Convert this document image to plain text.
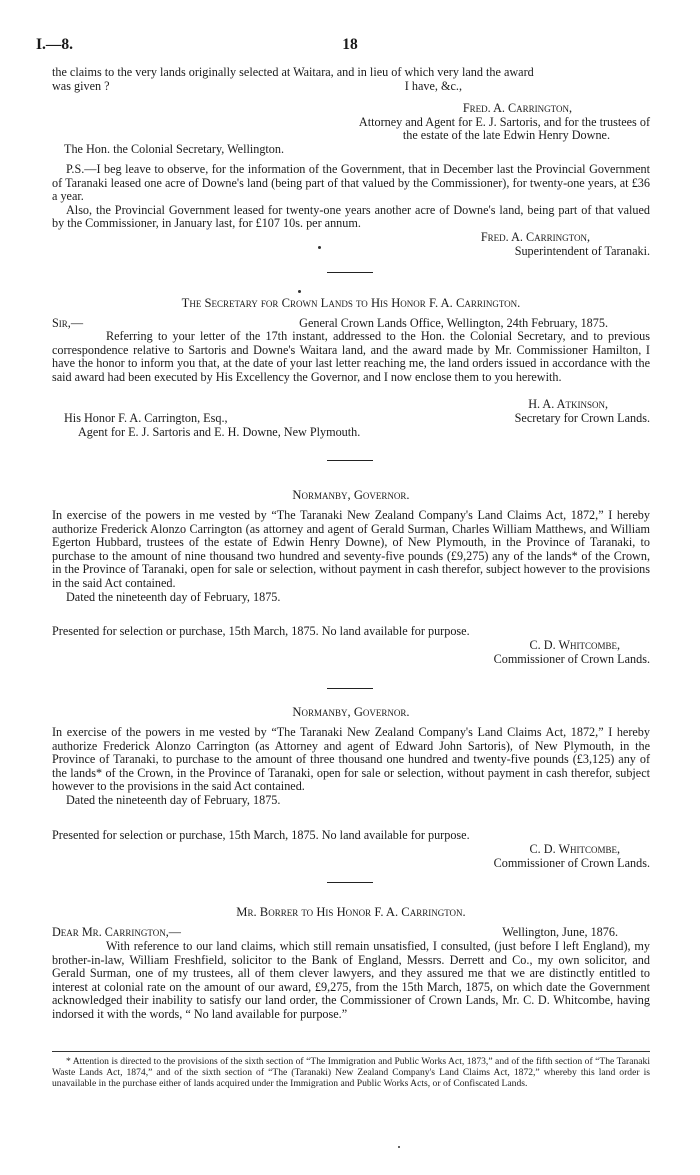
I.—8.	18

the claims to the very lands originally selected at Waitara, and in lieu of which very land the award

was given ?	I have, &c.,
Fred. A. Carrington,
Attorney and Agent for E. J. Sartoris, and for the trustees of
the estate of the late Edwin Henry Downe.
The Hon. the Colonial Secretary, Wellington.

P.S.—I beg leave to observe, for the information of the Government, that in December last the Provincial Government of Taranaki leased one acre of Downe's land (being part of that valued by the Commissioner), for twenty-one years, at £36 a year.

Also, the Provincial Government leased for twenty-one years another acre of Downe's land, being part of that valued by the Commissioner, in January last, for £107 10s. per annum.

Fred. A. Carrington,
Superintendent of Taranaki.
The Secretary for Crown Lands to His Honor F. A. Carrington.
Sir,—	General Crown Lands Office, Wellington, 24th February, 1875.

Referring to your letter of the 17th instant, addressed to the Hon. the Colonial Secretary, and to previous correspondence relative to Sartoris and Downe's Waitara land, and the award made by Mr. Commissioner Hamilton, I have the honor to inform you that, at the date of your last letter reaching me, the land orders issued in accordance with the said award had been executed by His Excellency the Governor, and I now enclose them to you herewith.

H. A. Atkinson,
His Honor F. A. Carrington, Esq.,	Secretary for Crown Lands.
Agent for E. J. Sartoris and E. H. Downe, New Plymouth.
Normanby, Governor.

In exercise of the powers in me vested by “The Taranaki New Zealand Company's Land Claims Act, 1872,” I hereby authorize Frederick Alonzo Carrington (as attorney and agent of Gerald Surman, Charles William Matthews, and William Egerton Hubbard, trustees of the estate of Edwin Henry Downe), of New Plymouth, in the Province of Taranaki, to purchase to the amount of nine thousand two hundred and seventy-five pounds (£9,275) any of the lands* of the Crown, in the Province of Taranaki, open for sale or selection, without payment in cash therefor, subject however to the provisions in the said Act contained.

Dated the nineteenth day of February, 1875.

Presented for selection or purchase, 15th March, 1875. No land available for purpose.
C. D. Whitcombe,
Commissioner of Crown Lands.
Normanby, Governor.

In exercise of the powers in me vested by “The Taranaki New Zealand Company's Land Claims Act, 1872,” I hereby authorize Frederick Alonzo Carrington (as Attorney and agent of Edward John Sartoris), of New Plymouth, in the Province of Taranaki, to purchase to the amount of three thousand one hundred and twenty-five pounds (£3,125) any of the lands* of the Crown, in the Province of Taranaki, open for sale or selection, without payment in cash therefor, subject however to the provisions in the said Act contained.

Dated the nineteenth day of February, 1875.

Presented for selection or purchase, 15th March, 1875. No land available for purpose.
C. D. Whitcombe,
Commissioner of Crown Lands.
Mr. Borrer to His Honor F. A. Carrington.
Dear Mr. Carrington,—	Wellington, June, 1876.

With reference to our land claims, which still remain unsatisfied, I consulted, (just before I left England), my brother-in-law, William Freshfield, solicitor to the Bank of England, Messrs. Derrett and Co., my own solicitor, and Gerald Surman, one of my trustees, all of them clever lawyers, and they assured me that we are distinctly entitled to interest at colonial rate on the amount of our award, £9,275, from the 15th March, 1875, on which date the Government acknowledged their inability to satisfy our land order, the Commissioner of Crown Lands, Mr. C. D. Whitcombe, having indorsed it with the words, “ No land available for purpose.”

* Attention is directed to the provisions of the sixth section of “The Immigration and Public Works Act, 1873,” and of the fifth section of “The Taranaki Waste Lands Act, 1874,” and of the sixth section of “The (Taranaki) New Zealand Company's Land Claims Act, 1872,” whereby this land order is unavailable in the purchase either of lands acquired under the Immigration and Public Works Acts, or of Confiscated Lands.
